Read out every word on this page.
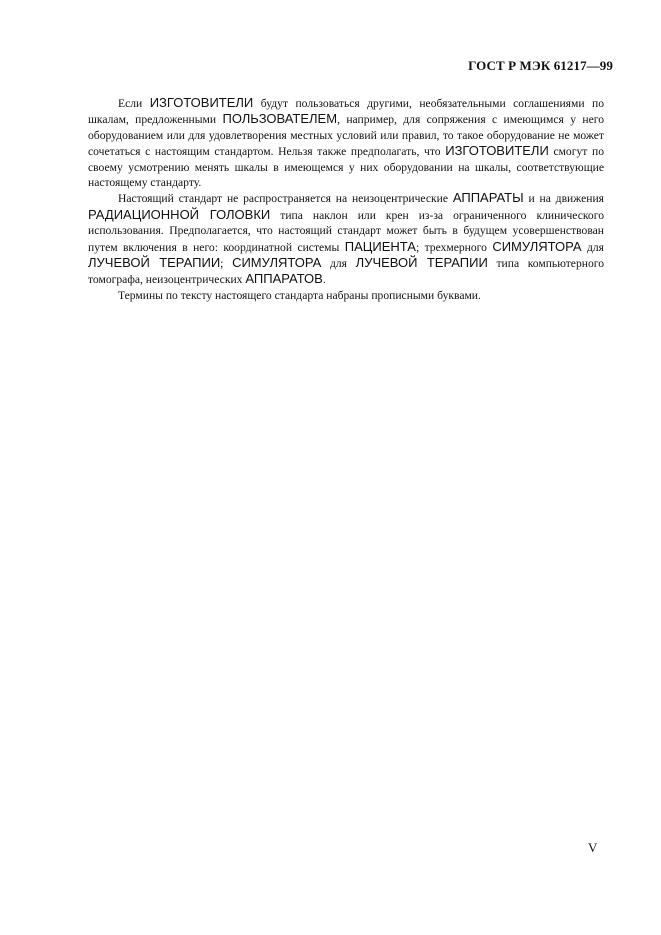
ГОСТ Р МЭК 61217—99

Если ИЗГОТОВИТЕЛИ будут пользоваться другими, необязательными соглашениями по шкалам, предложенными ПОЛЬЗОВАТЕЛЕМ, например, для сопряжения с имеющимся у него оборудованием или для удовлетворения местных условий или правил, то такое оборудование не может сочетаться с настоящим стандартом. Нельзя также предполагать, что ИЗГОТОВИТЕЛИ смогут по своему усмотрению менять шкалы в имеющемся у них оборудовании на шкалы, соответствующие настоящему стандарту.

Настоящий стандарт не распространяется на неизоцентрические АППАРАТЫ и на движения РАДИАЦИОННОЙ ГОЛОВКИ типа наклон или крен из-за ограниченного клинического использования. Предполагается, что настоящий стандарт может быть в будущем усовершенствован путем включения в него: координатной системы ПАЦИЕНТА; трехмерного СИМУЛЯТОРА для ЛУЧЕВОЙ ТЕРАПИИ; СИМУЛЯТОРА для ЛУЧЕВОЙ ТЕРАПИИ типа компьютерного томографа, неизоцентрических АППАРАТОВ.

Термины по тексту настоящего стандарта набраны прописными буквами.

V
